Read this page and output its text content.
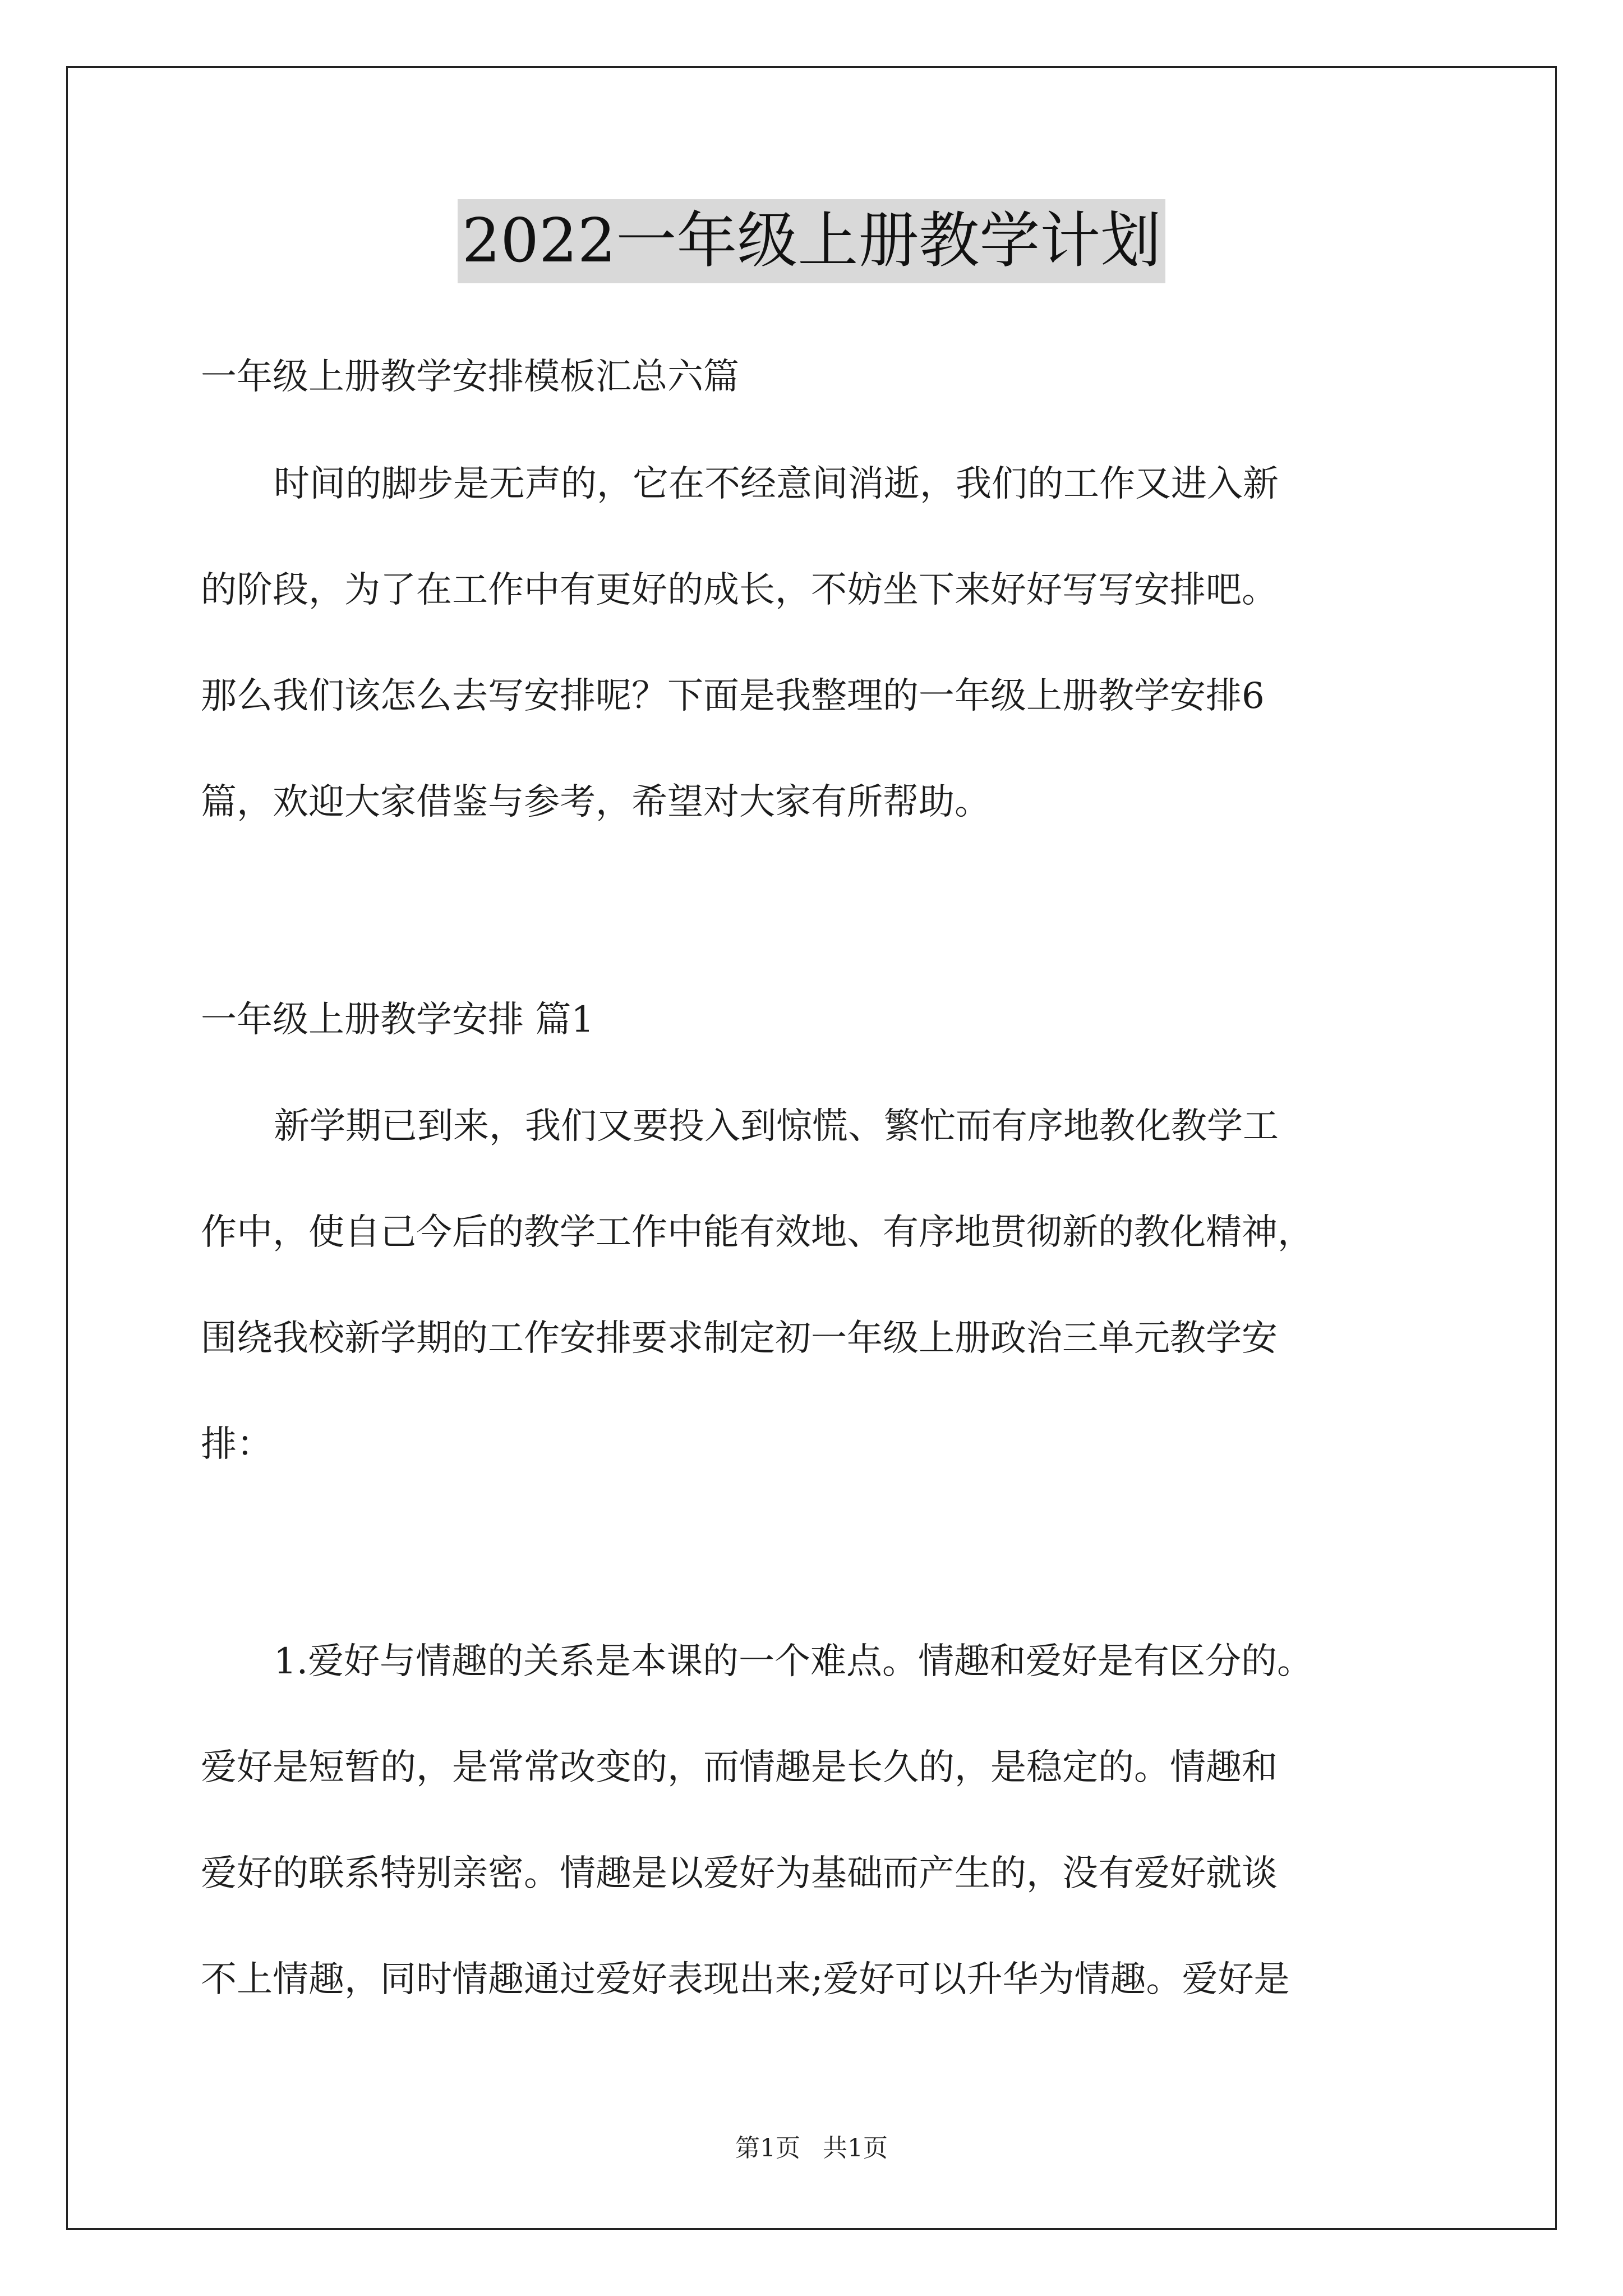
2022一年级上册教学计划
一年级上册教学安排模板汇总六篇
时间的脚步是无声的，它在不经意间消逝，我们的工作又进入新
的阶段，为了在工作中有更好的成长，不妨坐下来好好写写安排吧。
那么我们该怎么去写安排呢？下面是我整理的一年级上册教学安排6
篇，欢迎大家借鉴与参考，希望对大家有所帮助。
一年级上册教学安排 篇1
新学期已到来，我们又要投入到惊慌、繁忙而有序地教化教学工
作中，使自己今后的教学工作中能有效地、有序地贯彻新的教化精神，
围绕我校新学期的工作安排要求制定初一年级上册政治三单元教学安
排：
1.爱好与情趣的关系是本课的一个难点。情趣和爱好是有区分的。
爱好是短暂的，是常常改变的，而情趣是长久的，是稳定的。情趣和
爱好的联系特别亲密。情趣是以爱好为基础而产生的，没有爱好就谈
不上情趣，同时情趣通过爱好表现出来;爱好可以升华为情趣。爱好是
第1页 共1页
